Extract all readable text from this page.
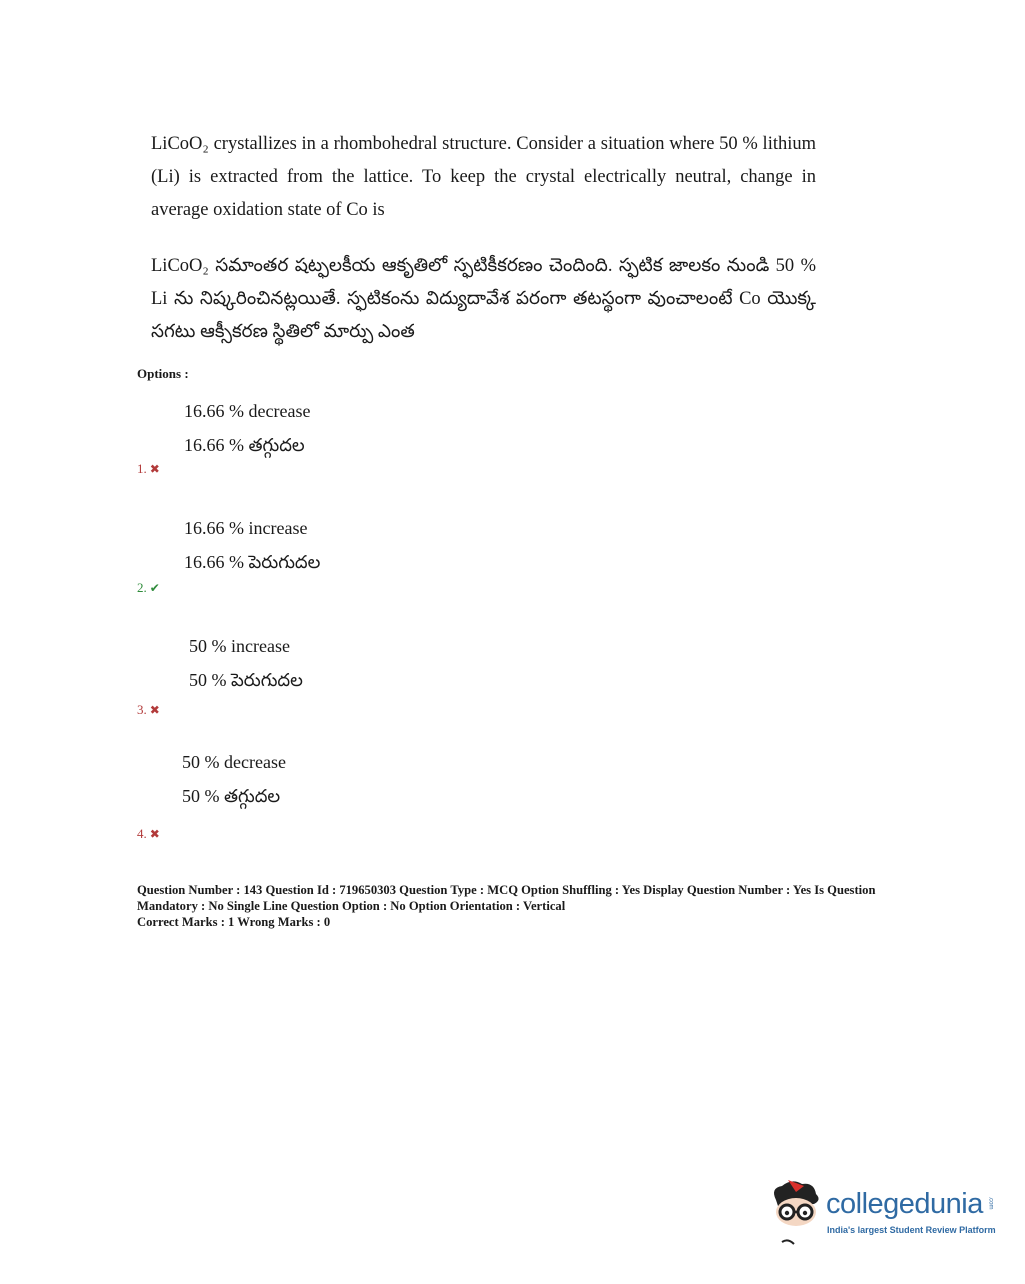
LiCoO₂ crystallizes in a rhombohedral structure. Consider a situation where 50 % lithium (Li) is extracted from the lattice. To keep the crystal electrically neutral, change in average oxidation state of Co is
LiCoO₂ సమాంతర షట్ఫలకీయ ఆకృతిలో స్ఫటికీకరణం చెందింది. స్ఫటిక జాలకం నుండి 50 % Li ను నిష్కరించినట్లయితే. స్ఫటికంను విద్యుదావేశ పరంగా తటస్థంగా వుంచాలంటే Co యొక్క సగటు ఆక్సీకరణ స్థితిలో మార్పు ఎంత
Options :
16.66 % decrease
16.66 % తగ్గుదల
1. ✖
16.66 % increase
16.66 % పెరుగుదల
2. ✔
50 % increase
50 % పెరుగుదల
3. ✖
50 % decrease
50 % తగ్గుదల
4. ✖
Question Number : 143 Question Id : 719650303 Question Type : MCQ Option Shuffling : Yes Display Question Number : Yes Is Question Mandatory : No Single Line Question Option : No Option Orientation : Vertical
Correct Marks : 1 Wrong Marks : 0
collegedunia .com
India's largest Student Review Platform
